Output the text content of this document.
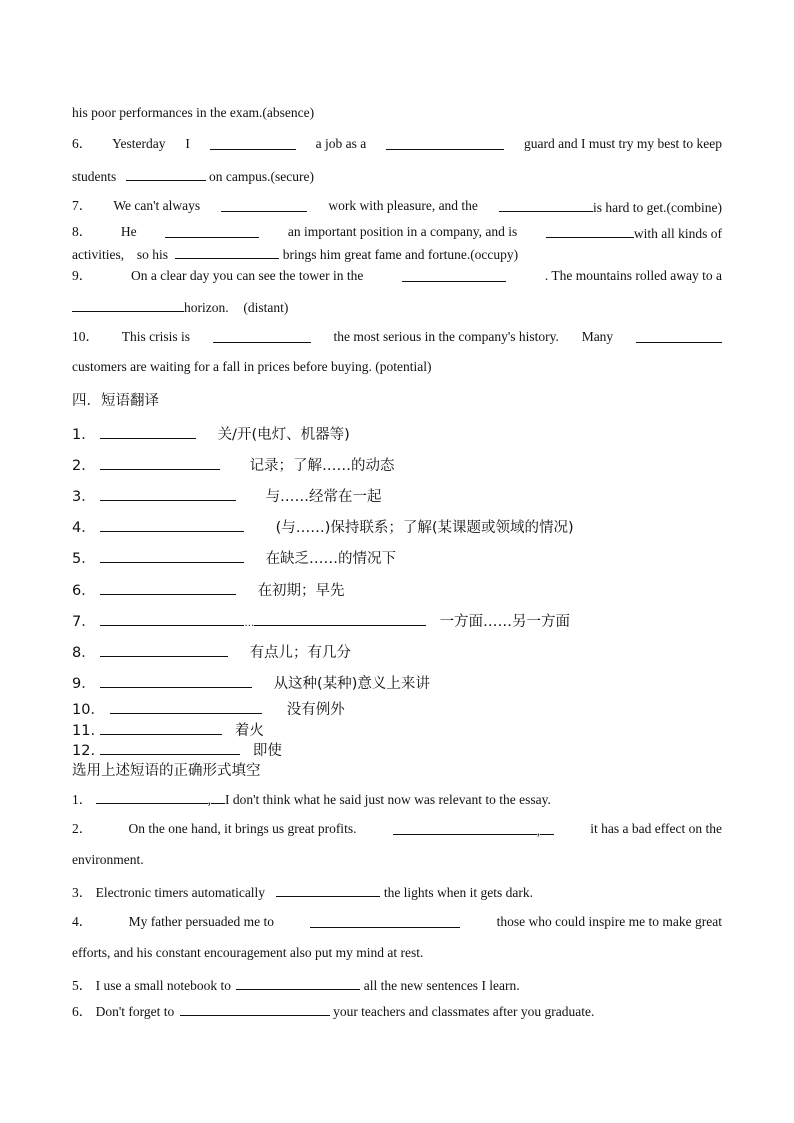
his poor performances in the exam.(absence)
6． Yesterday I	a job as a	guard and I must try my best to keep
students	on campus.(secure)
7． We can't always	work with pleasure, and the	is hard to get.(combine)
8． He	an important position in a company, and is	with all kinds of
activities, so his	brings him great fame and fortune.(occupy)
9．	On a clear day you can see the tower in the	. The mountains rolled away to a
horizon. (distant)
10． This crisis is	the most serious in the company's history. Many
customers are waiting for a fall in prices before buying. (potential)
四．短语翻译
1．	关/开(电灯、机器等)
2．	记录；了解……的动态
3．	与……经常在一起
4．	(与……)保持联系；了解(某课题或领域的情况)
5．	在缺乏……的情况下
6．	在初期；早先
7．	…	一方面……另一方面
8．	有点儿；有几分
9．	从这种(某种)意义上来讲
10．	没有例外
11.	着火
12.	即使
选用上述短语的正确形式填空
1．	, I don't think what he said just now was relevant to the essay.
2．	On the one hand, it brings us great profits.	,	it has a bad effect on the
environment.
3． Electronic timers automatically	the lights when it gets dark.
4．	My father persuaded me to	those who could inspire me to make great
efforts, and his constant encouragement also put my mind at rest.
5． I use a small notebook to	all the new sentences I learn.
6． Don't forget to	your teachers and classmates after you graduate.
